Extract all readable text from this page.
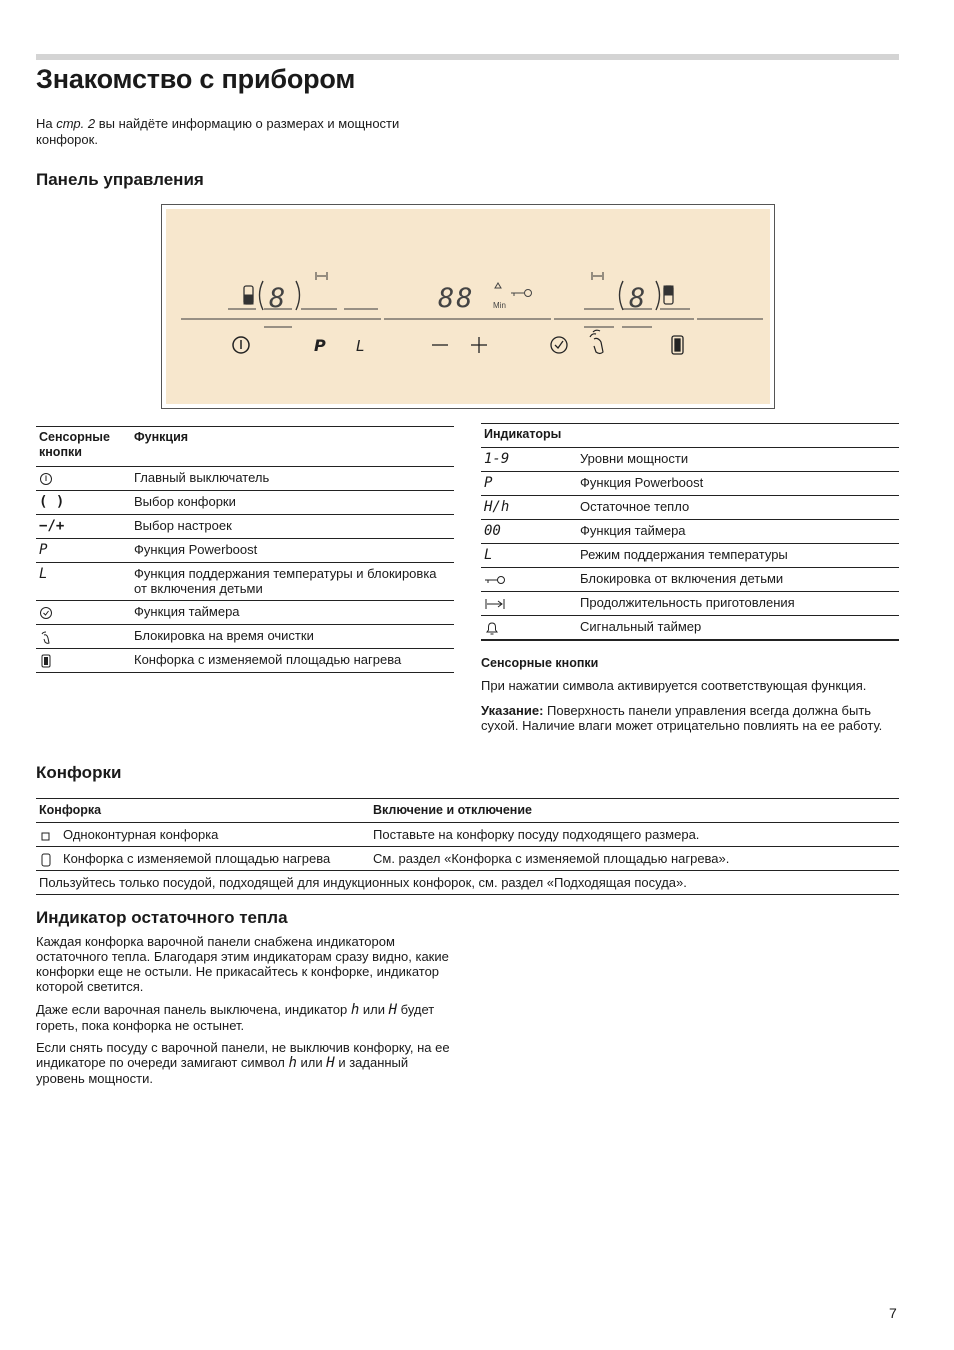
Знакомство с прибором

На стр. 2 вы найдёте информацию о размерах и мощности конфорок.

Панель управления
8	88 Min	8
P L
Сенсорные кнопки	Функция
	Главный выключатель
( )	Выбор конфорки
−/+	Выбор настроек
P	Функция Powerboost
L	Функция поддержания температуры и блокировка от включения детьми
	Функция таймера
	Блокировка на время очистки
	Конфорка с изменяемой площадью нагрева
Индикаторы	
1-9	Уровни мощности
P	Функция Powerboost
H/h	Остаточное тепло
00	Функция таймера
L	Режим поддержания температуры
	Блокировка от включения детьми
	Продолжительность приготовления
	Сигнальный таймер
Сенсорные кнопки

При нажатии символа активируется соответствующая функция.

Указание: Поверхность панели управления всегда должна быть сухой. Наличие влаги может отрицательно повлиять на ее работу.

Конфорки
Конфорка	Включение и отключение
Одноконтурная конфорка	Поставьте на конфорку посуду подходящего размера.
Конфорка с изменяемой площадью нагрева	См. раздел «Конфорка с изменяемой площадью нагрева».
Пользуйтесь только посудой, подходящей для индукционных конфорок, см. раздел «Подходящая посуда».	
Индикатор остаточного тепла

Каждая конфорка варочной панели снабжена индикатором остаточного тепла. Благодаря этим индикаторам сразу видно, какие конфорки еще не остыли. Не прикасайтесь к конфорке, индикатор которой светится.

Даже если варочная панель выключена, индикатор h или H будет гореть, пока конфорка не остынет.

Если снять посуду с варочной панели, не выключив конфорку, на ее индикаторе по очереди замигают символ h или H и заданный уровень мощности.

7
